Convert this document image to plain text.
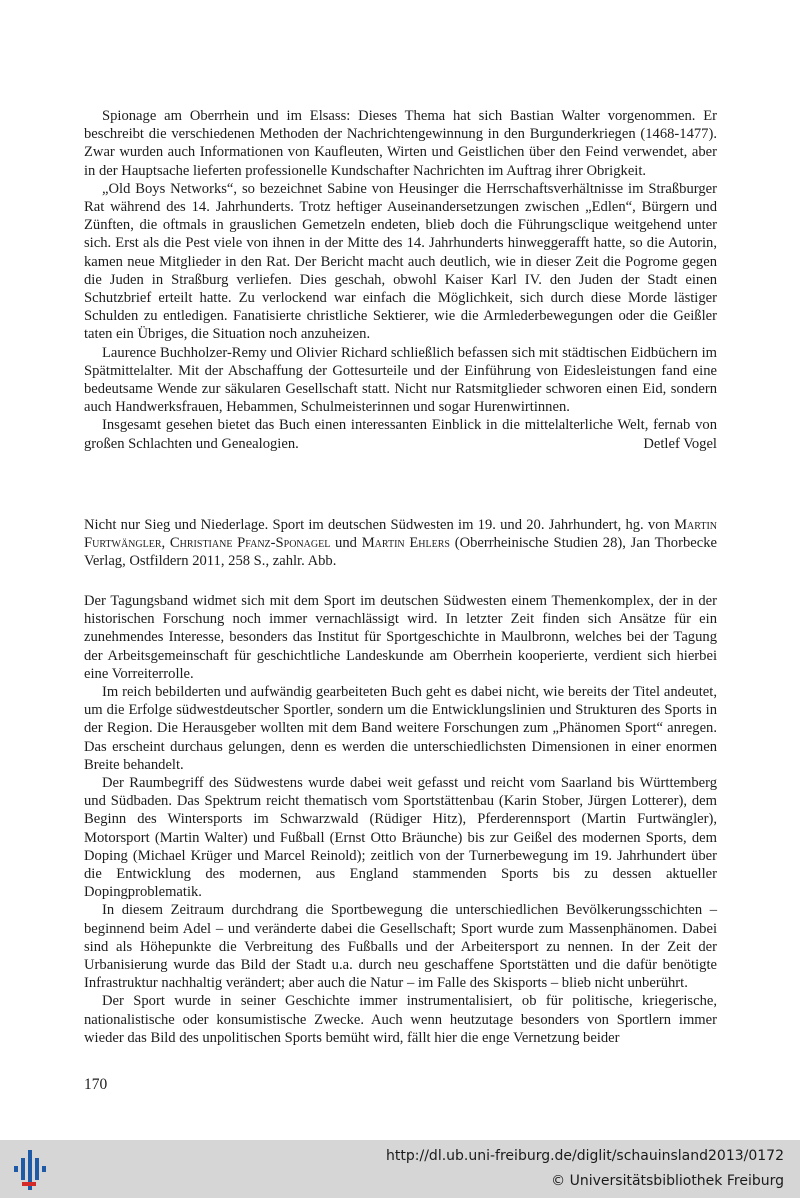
Spionage am Oberrhein und im Elsass: Dieses Thema hat sich Bastian Walter vorgenommen. Er beschreibt die verschiedenen Methoden der Nachrichtengewinnung in den Burgunderkriegen (1468-1477). Zwar wurden auch Informationen von Kaufleuten, Wirten und Geistlichen über den Feind verwendet, aber in der Hauptsache lieferten professionelle Kundschafter Nachrichten im Auftrag ihrer Obrigkeit.

„Old Boys Networks“, so bezeichnet Sabine von Heusinger die Herrschaftsverhältnisse im Straßburger Rat während des 14. Jahrhunderts. Trotz heftiger Auseinandersetzungen zwischen „Edlen“, Bürgern und Zünften, die oftmals in grauslichen Gemetzeln endeten, blieb doch die Führungsclique weitgehend unter sich. Erst als die Pest viele von ihnen in der Mitte des 14. Jahrhunderts hinweggerafft hatte, so die Autorin, kamen neue Mitglieder in den Rat. Der Bericht macht auch deutlich, wie in dieser Zeit die Pogrome gegen die Juden in Straßburg verliefen. Dies geschah, obwohl Kaiser Karl IV. den Juden der Stadt einen Schutzbrief erteilt hatte. Zu verlockend war einfach die Möglichkeit, sich durch diese Morde lästiger Schulden zu entledigen. Fanatisierte christliche Sektierer, wie die Armlederbewegungen oder die Geißler taten ein Übriges, die Situation noch anzuheizen.

Laurence Buchholzer-Remy und Olivier Richard schließlich befassen sich mit städtischen Eidbüchern im Spätmittelalter. Mit der Abschaffung der Gottesurteile und der Einführung von Eidesleistungen fand eine bedeutsame Wende zur säkularen Gesellschaft statt. Nicht nur Ratsmitglieder schworen einen Eid, sondern auch Handwerksfrauen, Hebammen, Schulmeisterinnen und sogar Hurenwirtinnen.

Insgesamt gesehen bietet das Buch einen interessanten Einblick in die mittelalterliche Welt, fernab von großen Schlachten und Genealogien.	Detlef Vogel

Nicht nur Sieg und Niederlage. Sport im deutschen Südwesten im 19. und 20. Jahrhundert, hg. von Martin Furtwängler, Christiane Pfanz-Sponagel und Martin Ehlers (Oberrheinische Studien 28), Jan Thorbecke Verlag, Ostfildern 2011, 258 S., zahlr. Abb.

Der Tagungsband widmet sich mit dem Sport im deutschen Südwesten einem Themenkomplex, der in der historischen Forschung noch immer vernachlässigt wird. In letzter Zeit finden sich Ansätze für ein zunehmendes Interesse, besonders das Institut für Sportgeschichte in Maulbronn, welches bei der Tagung der Arbeitsgemeinschaft für geschichtliche Landeskunde am Oberrhein kooperierte, verdient sich hierbei eine Vorreiterrolle.

Im reich bebilderten und aufwändig gearbeiteten Buch geht es dabei nicht, wie bereits der Titel andeutet, um die Erfolge südwestdeutscher Sportler, sondern um die Entwicklungslinien und Strukturen des Sports in der Region. Die Herausgeber wollten mit dem Band weitere Forschungen zum „Phänomen Sport“ anregen. Das erscheint durchaus gelungen, denn es werden die unterschiedlichsten Dimensionen in einer enormen Breite behandelt.

Der Raumbegriff des Südwestens wurde dabei weit gefasst und reicht vom Saarland bis Württemberg und Südbaden. Das Spektrum reicht thematisch vom Sportstättenbau (Karin Stober, Jürgen Lotterer), dem Beginn des Wintersports im Schwarzwald (Rüdiger Hitz), Pferderennsport (Martin Furtwängler), Motorsport (Martin Walter) und Fußball (Ernst Otto Bräunche) bis zur Geißel des modernen Sports, dem Doping (Michael Krüger und Marcel Reinold); zeitlich von der Turnerbewegung im 19. Jahrhundert über die Entwicklung des modernen, aus England stammenden Sports bis zu dessen aktueller Dopingproblematik.

In diesem Zeitraum durchdrang die Sportbewegung die unterschiedlichen Bevölkerungsschichten – beginnend beim Adel – und veränderte dabei die Gesellschaft; Sport wurde zum Massenphänomen. Dabei sind als Höhepunkte die Verbreitung des Fußballs und der Arbeitersport zu nennen. In der Zeit der Urbanisierung wurde das Bild der Stadt u.a. durch neu geschaffene Sportstätten und die dafür benötigte Infrastruktur nachhaltig verändert; aber auch die Natur – im Falle des Skisports – blieb nicht unberührt.

Der Sport wurde in seiner Geschichte immer instrumentalisiert, ob für politische, kriegerische, nationalistische oder konsumistische Zwecke. Auch wenn heutzutage besonders von Sportlern immer wieder das Bild des unpolitischen Sports bemüht wird, fällt hier die enge Vernetzung beider

170
http://dl.ub.uni-freiburg.de/diglit/schauinsland2013/0172
© Universitätsbibliothek Freiburg
